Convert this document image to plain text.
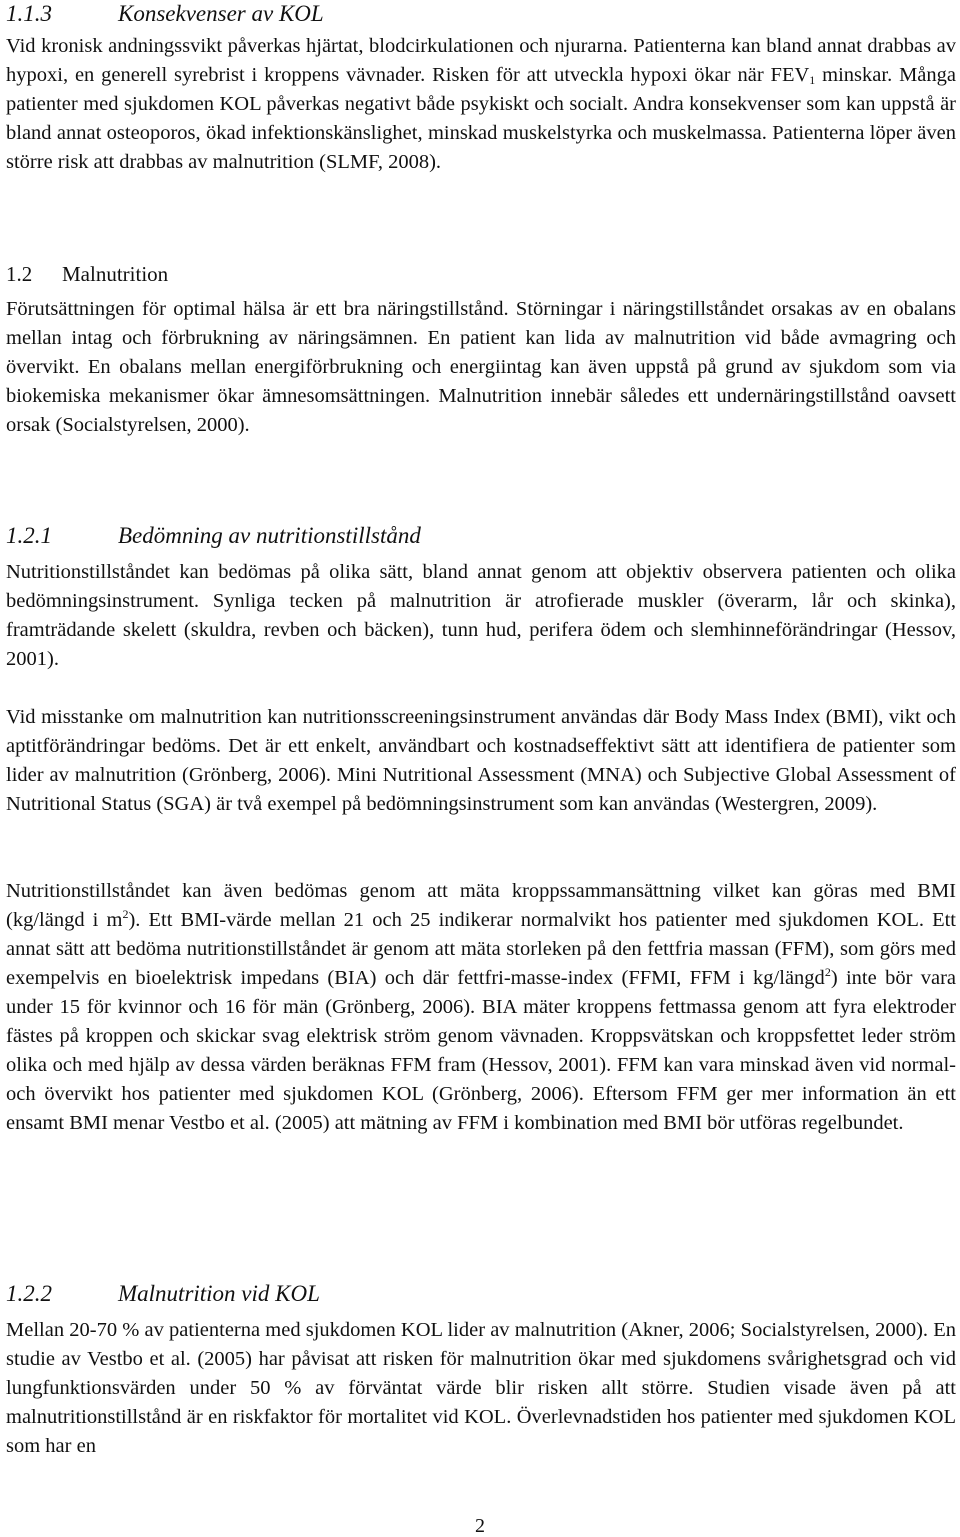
1.1.3	Konsekvenser av KOL

Vid kronisk andningssvikt påverkas hjärtat, blodcirkulationen och njurarna. Patienterna kan bland annat drabbas av hypoxi, en generell syrebrist i kroppens vävnader. Risken för att utveckla hypoxi ökar när $FEV_1$ minskar. Många patienter med sjukdomen KOL påverkas negativt både psykiskt och socialt. Andra konsekvenser som kan uppstå är bland annat osteoporos, ökad infektionskänslighet, minskad muskelstyrka och muskelmassa. Patienterna löper även större risk att drabbas av malnutrition (SLMF, 2008).

1.2 Malnutrition

Förutsättningen för optimal hälsa är ett bra näringstillstånd. Störningar i näringstillståndet orsakas av en obalans mellan intag och förbrukning av näringsämnen. En patient kan lida av malnutrition vid både avmagring och övervikt. En obalans mellan energiförbrukning och energiintag kan även uppstå på grund av sjukdom som via biokemiska mekanismer ökar ämnesomsättningen. Malnutrition innebär således ett undernäringstillstånd oavsett orsak (Socialstyrelsen, 2000).

1.2.1	Bedömning av nutritionstillstånd

Nutritionstillståndet kan bedömas på olika sätt, bland annat genom att objektiv observera patienten och olika bedömningsinstrument. Synliga tecken på malnutrition är atrofierade muskler (överarm, lår och skinka), framträdande skelett (skuldra, revben och bäcken), tunn hud, perifera ödem och slemhinneförändringar (Hessov, 2001).

Vid misstanke om malnutrition kan nutritionsscreeningsinstrument användas där Body Mass Index (BMI), vikt och aptitförändringar bedöms. Det är ett enkelt, användbart och kostnadseffektivt sätt att identifiera de patienter som lider av malnutrition (Grönberg, 2006). Mini Nutritional Assessment (MNA) och Subjective Global Assessment of Nutritional Status (SGA) är två exempel på bedömningsinstrument som kan användas (Westergren, 2009).

Nutritionstillståndet kan även bedömas genom att mäta kroppssammansättning vilket kan göras med BMI (kg/längd i $m^2$). Ett BMI-värde mellan 21 och 25 indikerar normalvikt hos patienter med sjukdomen KOL. Ett annat sätt att bedöma nutritionstillståndet är genom att mäta storleken på den fettfria massan (FFM), som görs med exempelvis en bioelektrisk impedans (BIA) och där fettfri-masse-index (FFMI, FFM i kg/längd$^2$) inte bör vara under 15 för kvinnor och 16 för män (Grönberg, 2006). BIA mäter kroppens fettmassa genom att fyra elektroder fästes på kroppen och skickar svag elektrisk ström genom vävnaden. Kroppsvätskan och kroppsfettet leder ström olika och med hjälp av dessa värden beräknas FFM fram (Hessov, 2001). FFM kan vara minskad även vid normal- och övervikt hos patienter med sjukdomen KOL (Grönberg, 2006). Eftersom FFM ger mer information än ett ensamt BMI menar Vestbo et al. (2005) att mätning av FFM i kombination med BMI bör utföras regelbundet.

1.2.2	Malnutrition vid KOL

Mellan 20-70 % av patienterna med sjukdomen KOL lider av malnutrition (Akner, 2006; Socialstyrelsen, 2000). En studie av Vestbo et al. (2005) har påvisat att risken för malnutrition ökar med sjukdomens svårighetsgrad och vid lungfunktionsvärden under 50 % av förväntat värde blir risken allt större. Studien visade även på att malnutritionstillstånd är en riskfaktor för mortalitet vid KOL. Överlevnadstiden hos patienter med sjukdomen KOL som har en

2
